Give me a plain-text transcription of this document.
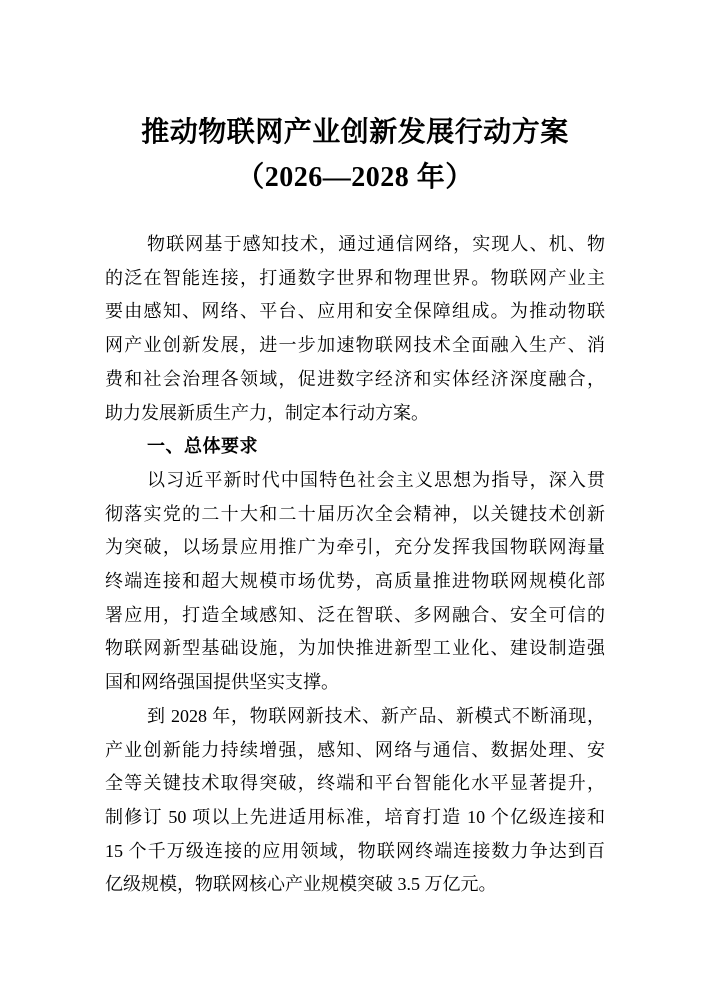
推动物联网产业创新发展行动方案
（2026—2028 年）
物联网基于感知技术，通过通信网络，实现人、机、物
的泛在智能连接，打通数字世界和物理世界。物联网产业主
要由感知、网络、平台、应用和安全保障组成。为推动物联
网产业创新发展，进一步加速物联网技术全面融入生产、消
费和社会治理各领域，促进数字经济和实体经济深度融合，
助力发展新质生产力，制定本行动方案。
一、总体要求
以习近平新时代中国特色社会主义思想为指导，深入贯
彻落实党的二十大和二十届历次全会精神，以关键技术创新
为突破，以场景应用推广为牵引，充分发挥我国物联网海量
终端连接和超大规模市场优势，高质量推进物联网规模化部
署应用，打造全域感知、泛在智联、多网融合、安全可信的
物联网新型基础设施，为加快推进新型工业化、建设制造强
国和网络强国提供坚实支撑。
到 2028 年，物联网新技术、新产品、新模式不断涌现，
产业创新能力持续增强，感知、网络与通信、数据处理、安
全等关键技术取得突破，终端和平台智能化水平显著提升，
制修订 50 项以上先进适用标准，培育打造 10 个亿级连接和
15 个千万级连接的应用领域，物联网终端连接数力争达到百
亿级规模，物联网核心产业规模突破 3.5 万亿元。
